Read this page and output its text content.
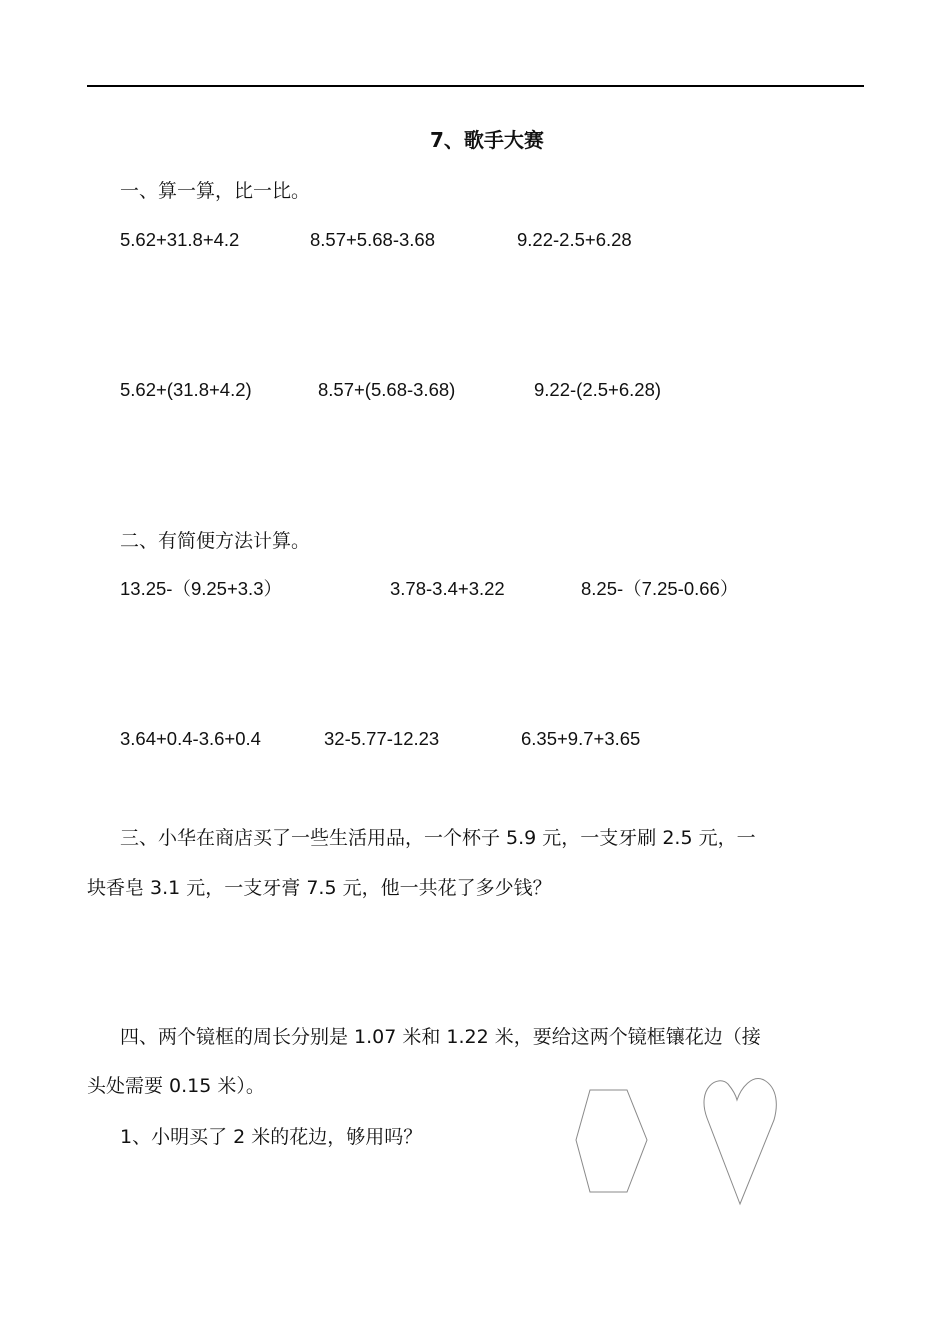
7、歌手大赛
一、算一算，比一比。
5.62+31.8+4.2	8.57+5.68-3.68	9.22-2.5+6.28
5.62+(31.8+4.2)	8.57+(5.68-3.68)	9.22-(2.5+6.28)
二、有简便方法计算。
13.25-（9.25+3.3）	3.78-3.4+3.22	8.25-（7.25-0.66）
3.64+0.4-3.6+0.4	32-5.77-12.23	6.35+9.7+3.65
三、小华在商店买了一些生活用品，一个杯子 5.9 元，一支牙刷 2.5 元，一
块香皂 3.1 元，一支牙膏 7.5 元，他一共花了多少钱？
四、两个镜框的周长分别是 1.07 米和 1.22 米，要给这两个镜框镶花边（接
头处需要 0.15 米）。
1、小明买了 2 米的花边，够用吗？
